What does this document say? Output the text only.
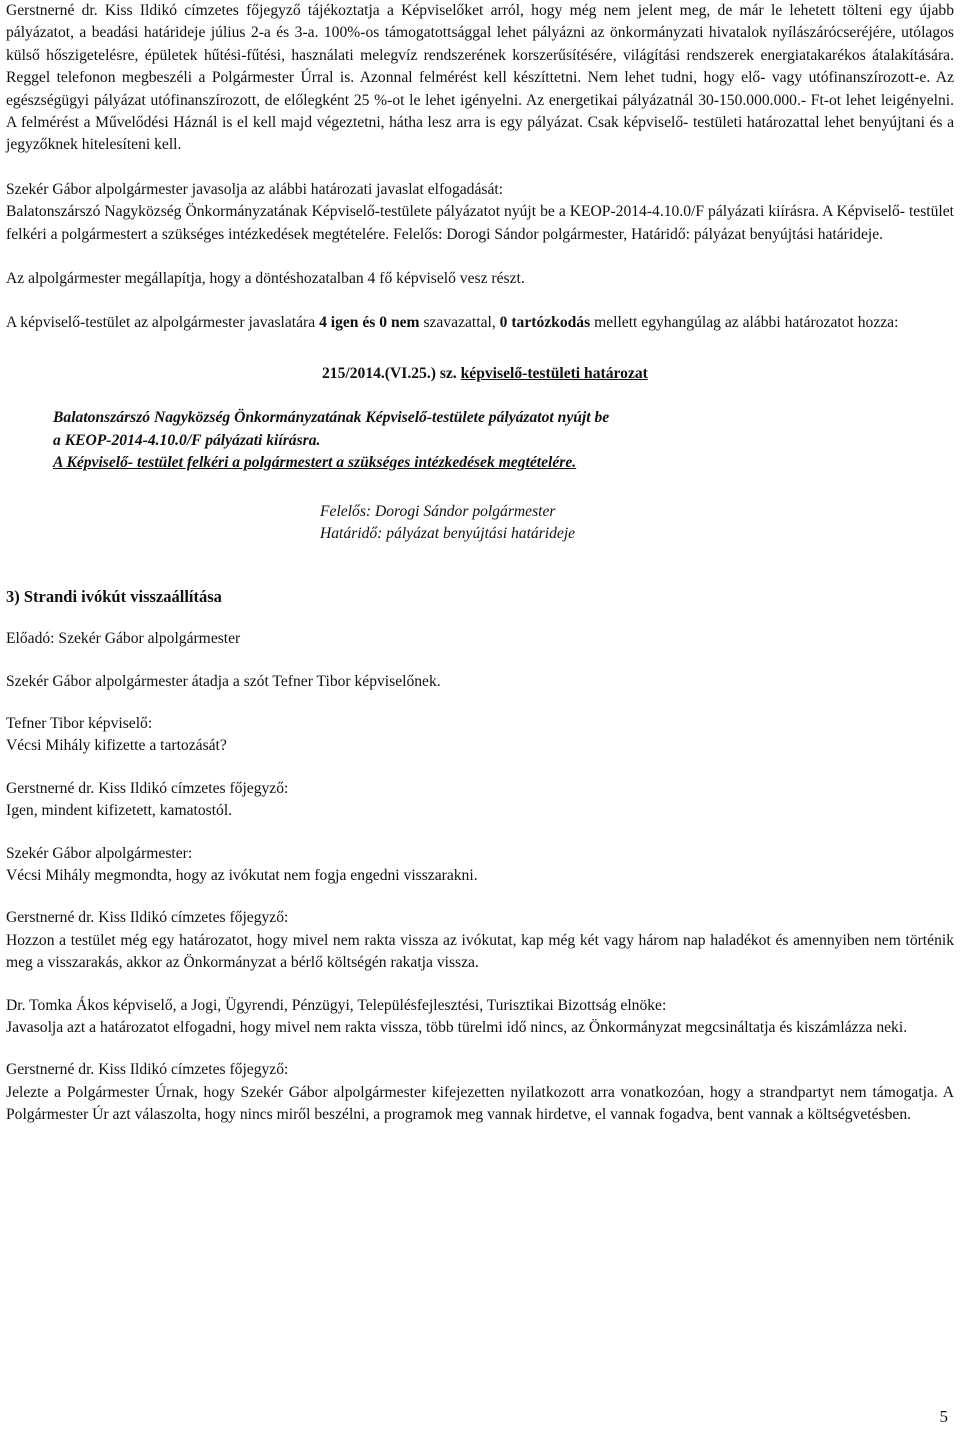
Gerstnerné dr. Kiss Ildikó címzetes főjegyző tájékoztatja a Képviselőket arról, hogy még nem jelent meg, de már le lehetett tölteni egy újabb pályázatot, a beadási határideje július 2-a és 3-a. 100%-os támogatottsággal lehet pályázni az önkormányzati hivatalok nyílászárócseréjére, utólagos külső hőszigetelésre, épületek hűtési-fűtési, használati melegvíz rendszerének korszerűsítésére, világítási rendszerek energiatakarékos átalakítására. Reggel telefonon megbeszéli a Polgármester Úrral is. Azonnal felmérést kell készíttetni. Nem lehet tudni, hogy elő- vagy utófinanszírozott-e. Az egészségügyi pályázat utófinanszírozott, de előlegként 25 %-ot le lehet igényelni. Az energetikai pályázatnál 30-150.000.000.- Ft-ot lehet leigényelni. A felmérést a Művelődési Háznál is el kell majd végeztetni, hátha lesz arra is egy pályázat. Csak képviselő- testületi határozattal lehet benyújtani és a jegyzőknek hitelesíteni kell.

Szekér Gábor alpolgármester javasolja az alábbi határozati javaslat elfogadását:

Balatonszárszó Nagyközség Önkormányzatának Képviselő-testülete pályázatot nyújt be a KEOP-2014-4.10.0/F pályázati kiírásra. A Képviselő- testület felkéri a polgármestert a szükséges intézkedések megtételére. Felelős: Dorogi Sándor polgármester, Határidő: pályázat benyújtási határideje.

Az alpolgármester megállapítja, hogy a döntéshozatalban 4 fő képviselő vesz részt.

A képviselő-testület az alpolgármester javaslatára 4 igen és 0 nem szavazattal, 0 tartózkodás mellett egyhangúlag az alábbi határozatot hozza:

215/2014.(VI.25.) sz. képviselő-testületi határozat

Balatonszárszó Nagyközség Önkormányzatának Képviselő-testülete pályázatot nyújt be
a KEOP-2014-4.10.0/F pályázati kiírásra.
A Képviselő- testület felkéri a polgármestert a szükséges intézkedések megtételére.
Felelős: Dorogi Sándor polgármester
Határidő: pályázat benyújtási határideje

3) Strandi ivókút visszaállítása

Előadó: Szekér Gábor alpolgármester

Szekér Gábor alpolgármester átadja a szót Tefner Tibor képviselőnek.

Tefner Tibor képviselő:

Vécsi Mihály kifizette a tartozását?

Gerstnerné dr. Kiss Ildikó címzetes főjegyző:

Igen, mindent kifizetett, kamatostól.

Szekér Gábor alpolgármester:

Vécsi Mihály megmondta, hogy az ivókutat nem fogja engedni visszarakni.

Gerstnerné dr. Kiss Ildikó címzetes főjegyző:

Hozzon a testület még egy határozatot, hogy mivel nem rakta vissza az ivókutat, kap még két vagy három nap haladékot és amennyiben nem történik meg a visszarakás, akkor az Önkormányzat a bérlő költségén rakatja vissza.

Dr. Tomka Ákos képviselő, a Jogi, Ügyrendi, Pénzügyi, Településfejlesztési, Turisztikai Bizottság elnöke:

Javasolja azt a határozatot elfogadni, hogy mivel nem rakta vissza, több türelmi idő nincs, az Önkormányzat megcsináltatja és kiszámlázza neki.

Gerstnerné dr. Kiss Ildikó címzetes főjegyző:

Jelezte a Polgármester Úrnak, hogy Szekér Gábor alpolgármester kifejezetten nyilatkozott arra vonatkozóan, hogy a strandpartyt nem támogatja. A Polgármester Úr azt válaszolta, hogy nincs miről beszélni, a programok meg vannak hirdetve, el vannak fogadva, bent vannak a költségvetésben.

5
